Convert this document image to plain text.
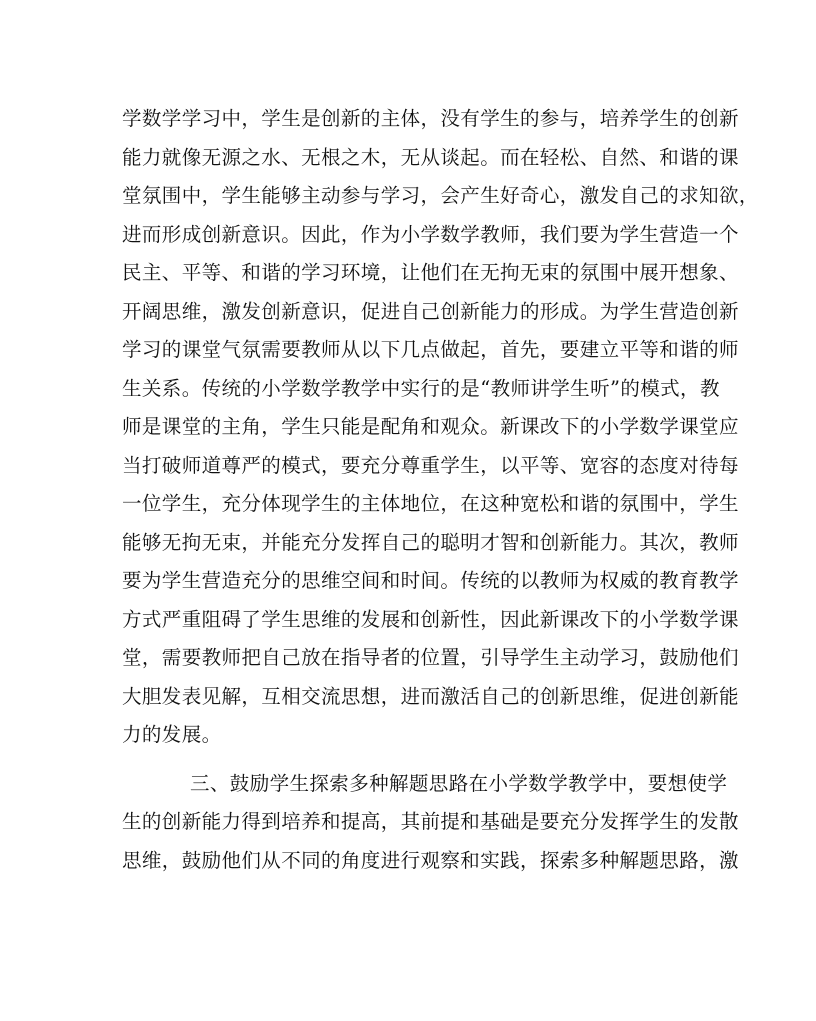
学数学学习中，学生是创新的主体，没有学生的参与，培养学生的创新
能力就像无源之水、无根之木，无从谈起。而在轻松、自然、和谐的课
堂氛围中，学生能够主动参与学习，会产生好奇心，激发自己的求知欲，
进而形成创新意识。因此，作为小学数学教师，我们要为学生营造一个
民主、平等、和谐的学习环境，让他们在无拘无束的氛围中展开想象、
开阔思维，激发创新意识，促进自己创新能力的形成。为学生营造创新
学习的课堂气氛需要教师从以下几点做起，首先，要建立平等和谐的师
生关系。传统的小学数学教学中实行的是“教师讲学生听”的模式，教
师是课堂的主角，学生只能是配角和观众。新课改下的小学数学课堂应
当打破师道尊严的模式，要充分尊重学生，以平等、宽容的态度对待每
一位学生，充分体现学生的主体地位，在这种宽松和谐的氛围中，学生
能够无拘无束，并能充分发挥自己的聪明才智和创新能力。其次，教师
要为学生营造充分的思维空间和时间。传统的以教师为权威的教育教学
方式严重阻碍了学生思维的发展和创新性，因此新课改下的小学数学课
堂，需要教师把自己放在指导者的位置，引导学生主动学习，鼓励他们
大胆发表见解，互相交流思想，进而激活自己的创新思维，促进创新能
力的发展。
三、鼓励学生探索多种解题思路在小学数学教学中，要想使学
生的创新能力得到培养和提高，其前提和基础是要充分发挥学生的发散
思维，鼓励他们从不同的角度进行观察和实践，探索多种解题思路，激
